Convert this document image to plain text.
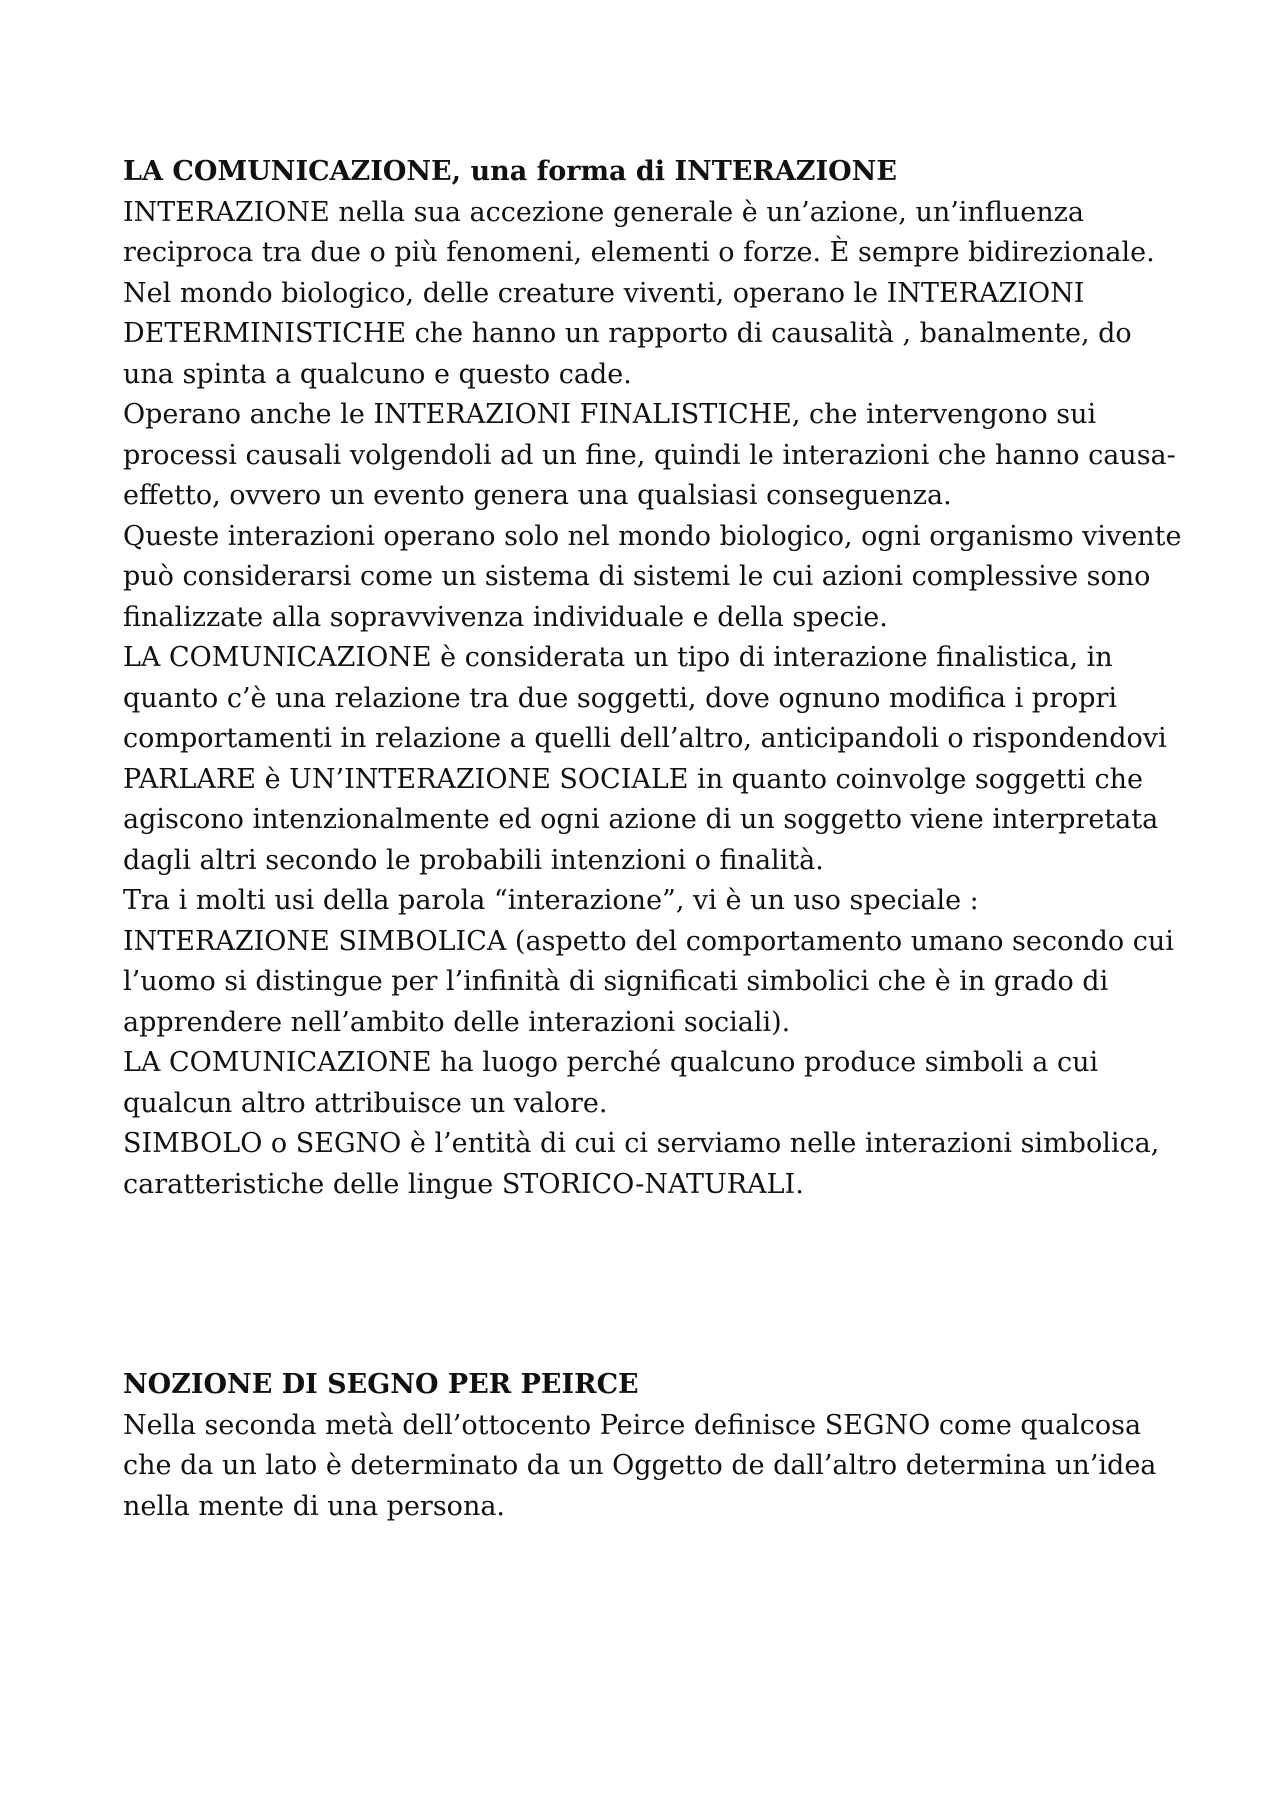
LA COMUNICAZIONE, una forma di INTERAZIONE

INTERAZIONE nella sua accezione generale è un’azione, un’influenza reciproca tra due o più fenomeni, elementi o forze. È sempre bidirezionale.

Nel mondo biologico, delle creature viventi, operano le INTERAZIONI DETERMINISTICHE che hanno un rapporto di causalità , banalmente, do una spinta a qualcuno e questo cade.

Operano anche le INTERAZIONI FINALISTICHE, che intervengono sui processi causali volgendoli ad un fine, quindi le interazioni che hanno causa-effetto, ovvero un evento genera una qualsiasi conseguenza.

Queste interazioni operano solo nel mondo biologico, ogni organismo vivente può considerarsi come un sistema di sistemi le cui azioni complessive sono finalizzate alla sopravvivenza individuale e della specie.

LA COMUNICAZIONE è considerata un tipo di interazione finalistica, in quanto c’è una relazione tra due soggetti, dove ognuno modifica i propri comportamenti in relazione a quelli dell’altro, anticipandoli o rispondendovi

PARLARE è UN’INTERAZIONE SOCIALE in quanto coinvolge soggetti che agiscono intenzionalmente ed ogni azione di un soggetto viene interpretata dagli altri secondo le probabili intenzioni o finalità.

Tra i molti usi della parola “interazione”, vi è un uso speciale : INTERAZIONE SIMBOLICA (aspetto del comportamento umano secondo cui l’uomo si distingue per l’infinità di significati simbolici che è in grado di apprendere nell’ambito delle interazioni sociali).

LA COMUNICAZIONE ha luogo perché qualcuno produce simboli a cui qualcun altro attribuisce un valore.

SIMBOLO o SEGNO è l’entità di cui ci serviamo nelle interazioni simbolica, caratteristiche delle lingue STORICO-NATURALI.

NOZIONE DI SEGNO PER PEIRCE

Nella seconda metà dell’ottocento Peirce definisce SEGNO come qualcosa che da un lato è determinato da un Oggetto de dall’altro determina un’idea nella mente di una persona.
